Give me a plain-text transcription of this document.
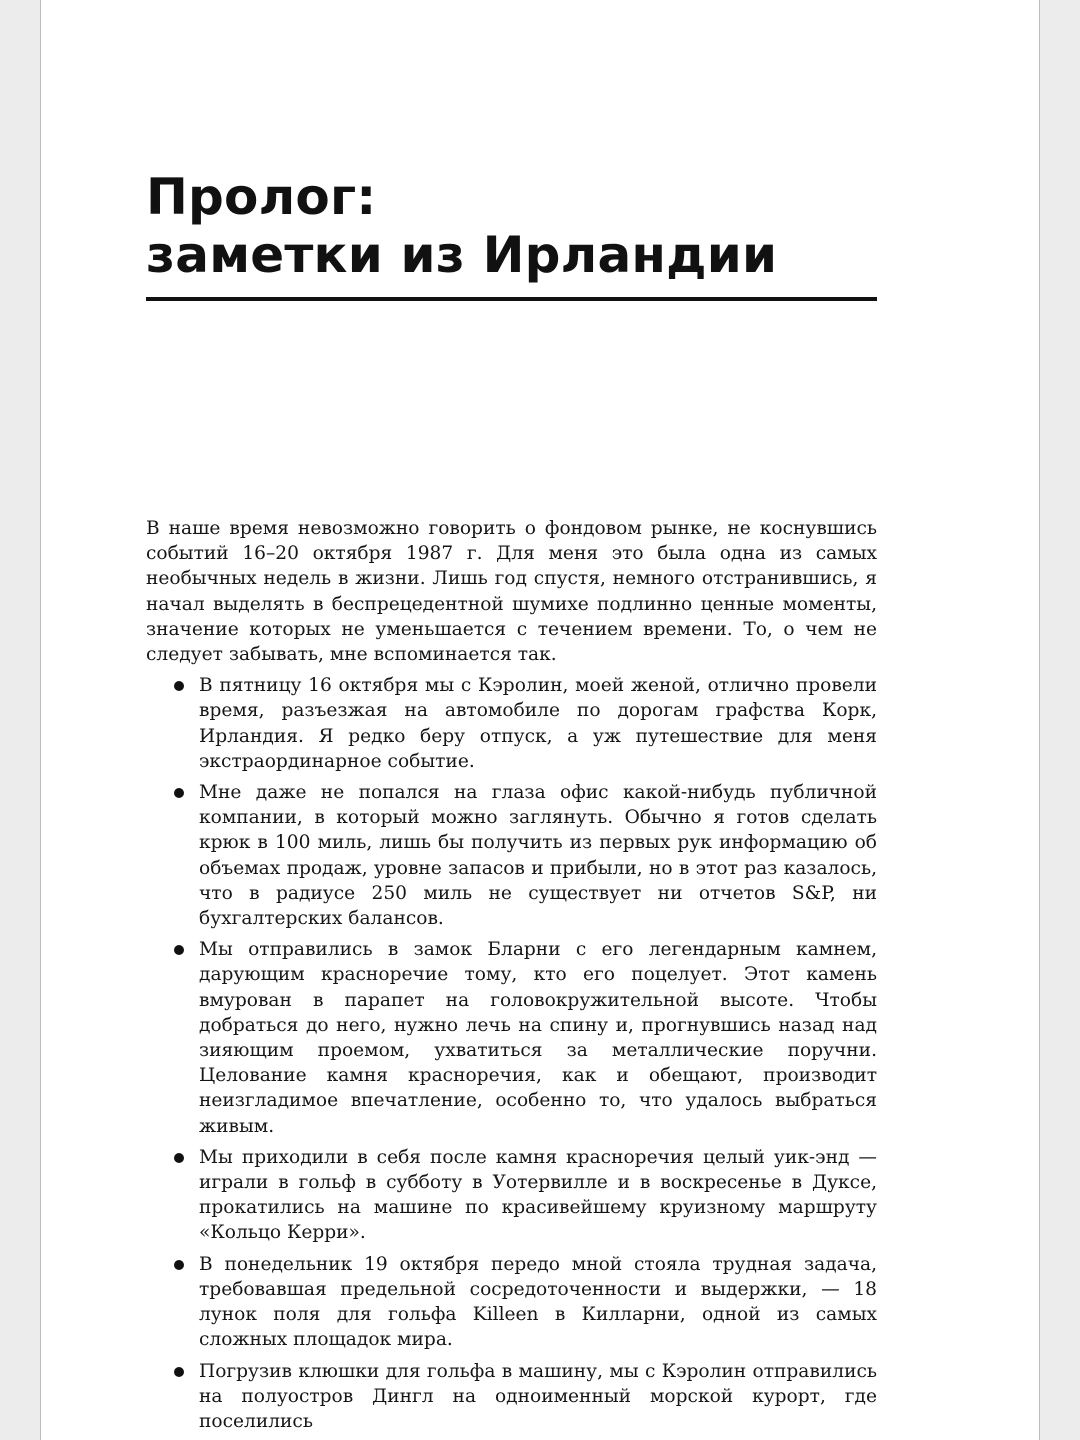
Пролог:
заметки из Ирландии

В наше время невозможно говорить о фондовом рынке, не коснувшись событий 16–20 октября 1987 г. Для меня это была одна из самых необычных недель в жизни. Лишь год спустя, немного отстранившись, я начал выделять в беспрецедентной шумихе подлинно ценные моменты, значение которых не уменьшается с течением времени. То, о чем не следует забывать, мне вспоминается так.

В пятницу 16 октября мы с Кэролин, моей женой, отлично провели время, разъезжая на автомобиле по дорогам графства Корк, Ирландия. Я редко беру отпуск, а уж путешествие для меня экстраординарное событие.
Мне даже не попался на глаза офис какой-нибудь публичной компании, в который можно заглянуть. Обычно я готов сделать крюк в 100 миль, лишь бы получить из первых рук информацию об объемах продаж, уровне запасов и прибыли, но в этот раз казалось, что в радиусе 250 миль не существует ни отчетов S&P, ни бухгалтерских балансов.
Мы отправились в замок Бларни с его легендарным камнем, дарующим красноречие тому, кто его поцелует. Этот камень вмурован в парапет на головокружительной высоте. Чтобы добраться до него, нужно лечь на спину и, прогнувшись назад над зияющим проемом, ухватиться за металлические поручни. Целование камня красноречия, как и обещают, производит неизгладимое впечатление, особенно то, что удалось выбраться живым.
Мы приходили в себя после камня красноречия целый уик-энд — играли в гольф в субботу в Уотервилле и в воскресенье в Дуксе, прокатились на машине по красивейшему круизному маршруту «Кольцо Керри».
В понедельник 19 октября передо мной стояла трудная задача, требовавшая предельной сосредоточенности и выдержки, — 18 лунок поля для гольфа Killeen в Килларни, одной из самых сложных площадок мира.
Погрузив клюшки для гольфа в машину, мы с Кэролин отправились на полуостров Дингл на одноименный морской курорт, где поселились
